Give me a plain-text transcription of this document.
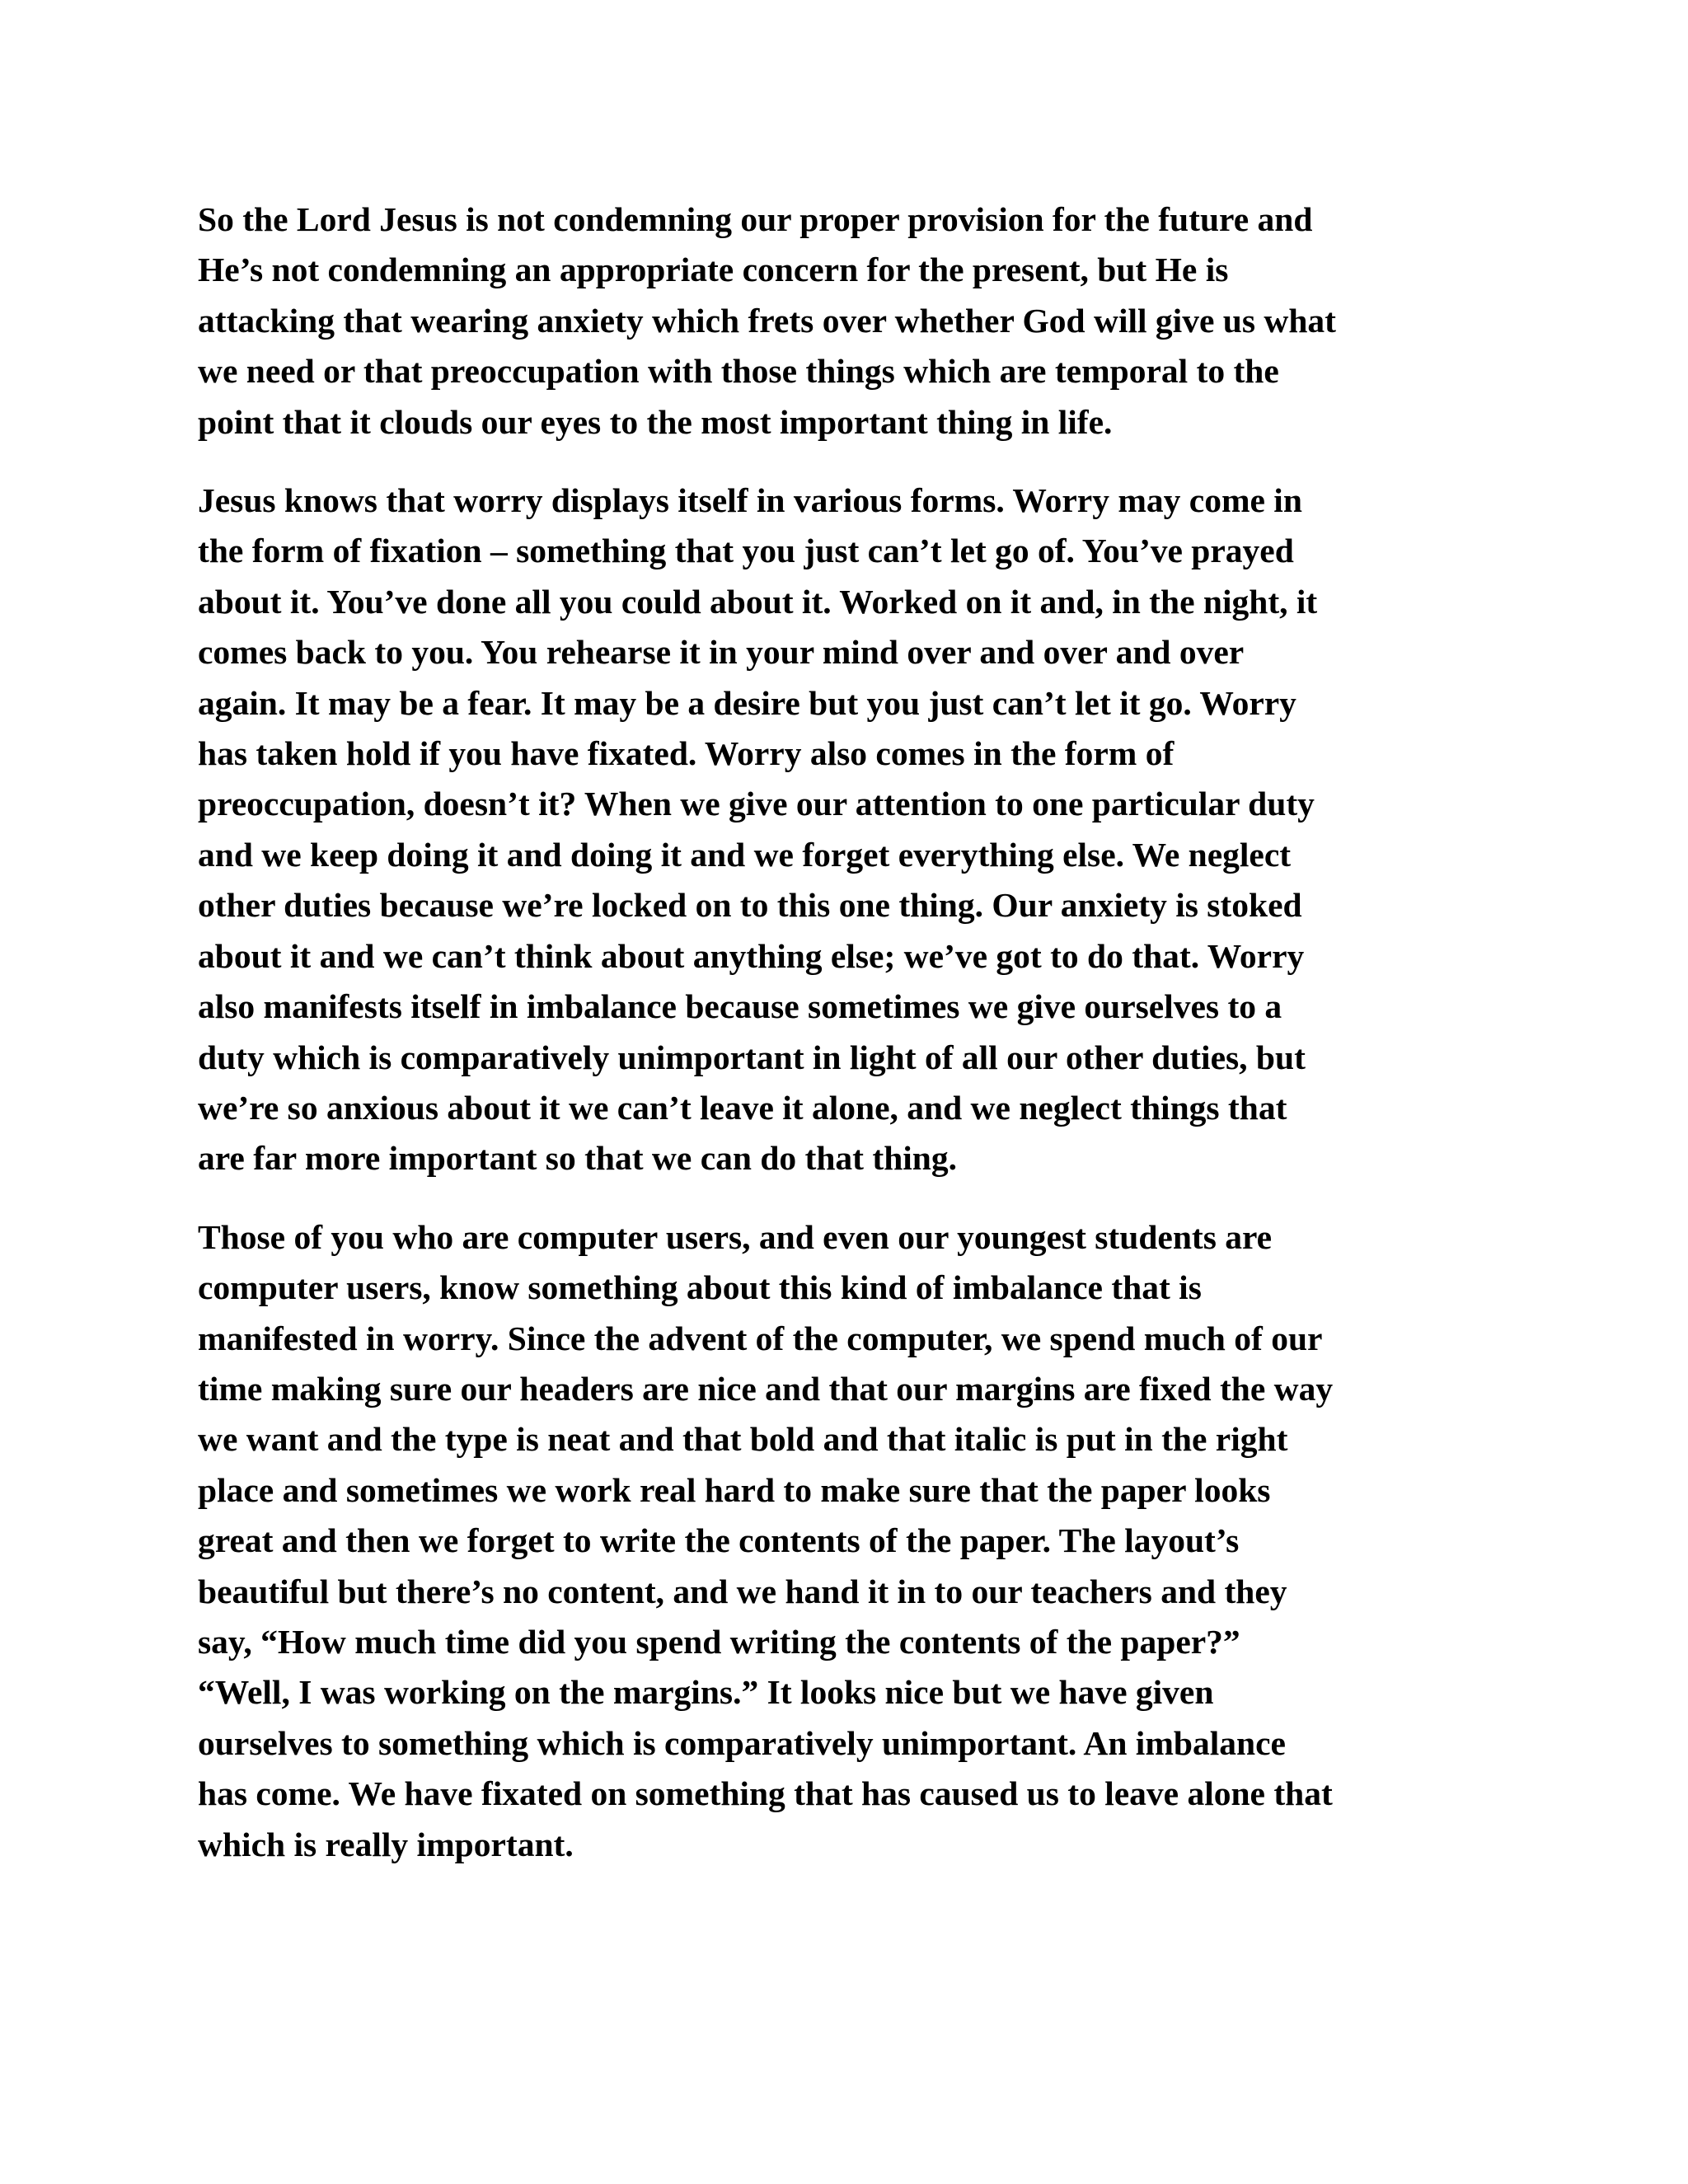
So the Lord Jesus is not condemning our proper provision for the future and
He’s not condemning an appropriate concern for the present, but He is
attacking that wearing anxiety which frets over whether God will give us what
we need or that preoccupation with those things which are temporal to the
point that it clouds our eyes to the most important thing in life.

Jesus knows that worry displays itself in various forms. Worry may come in
the form of fixation – something that you just can’t let go of. You’ve prayed
about it. You’ve done all you could about it. Worked on it and, in the night, it
comes back to you. You rehearse it in your mind over and over and over
again. It may be a fear. It may be a desire but you just can’t let it go. Worry
has taken hold if you have fixated. Worry also comes in the form of
preoccupation, doesn’t it? When we give our attention to one particular duty
and we keep doing it and doing it and we forget everything else. We neglect
other duties because we’re locked on to this one thing. Our anxiety is stoked
about it and we can’t think about anything else; we’ve got to do that. Worry
also manifests itself in imbalance because sometimes we give ourselves to a
duty which is comparatively unimportant in light of all our other duties, but
we’re so anxious about it we can’t leave it alone, and we neglect things that
are far more important so that we can do that thing.

Those of you who are computer users, and even our youngest students are
computer users, know something about this kind of imbalance that is
manifested in worry. Since the advent of the computer, we spend much of our
time making sure our headers are nice and that our margins are fixed the way
we want and the type is neat and that bold and that italic is put in the right
place and sometimes we work real hard to make sure that the paper looks
great and then we forget to write the contents of the paper. The layout’s
beautiful but there’s no content, and we hand it in to our teachers and they
say, “How much time did you spend writing the contents of the paper?”
“Well, I was working on the margins.” It looks nice but we have given
ourselves to something which is comparatively unimportant. An imbalance
has come. We have fixated on something that has caused us to leave alone that
which is really important.
